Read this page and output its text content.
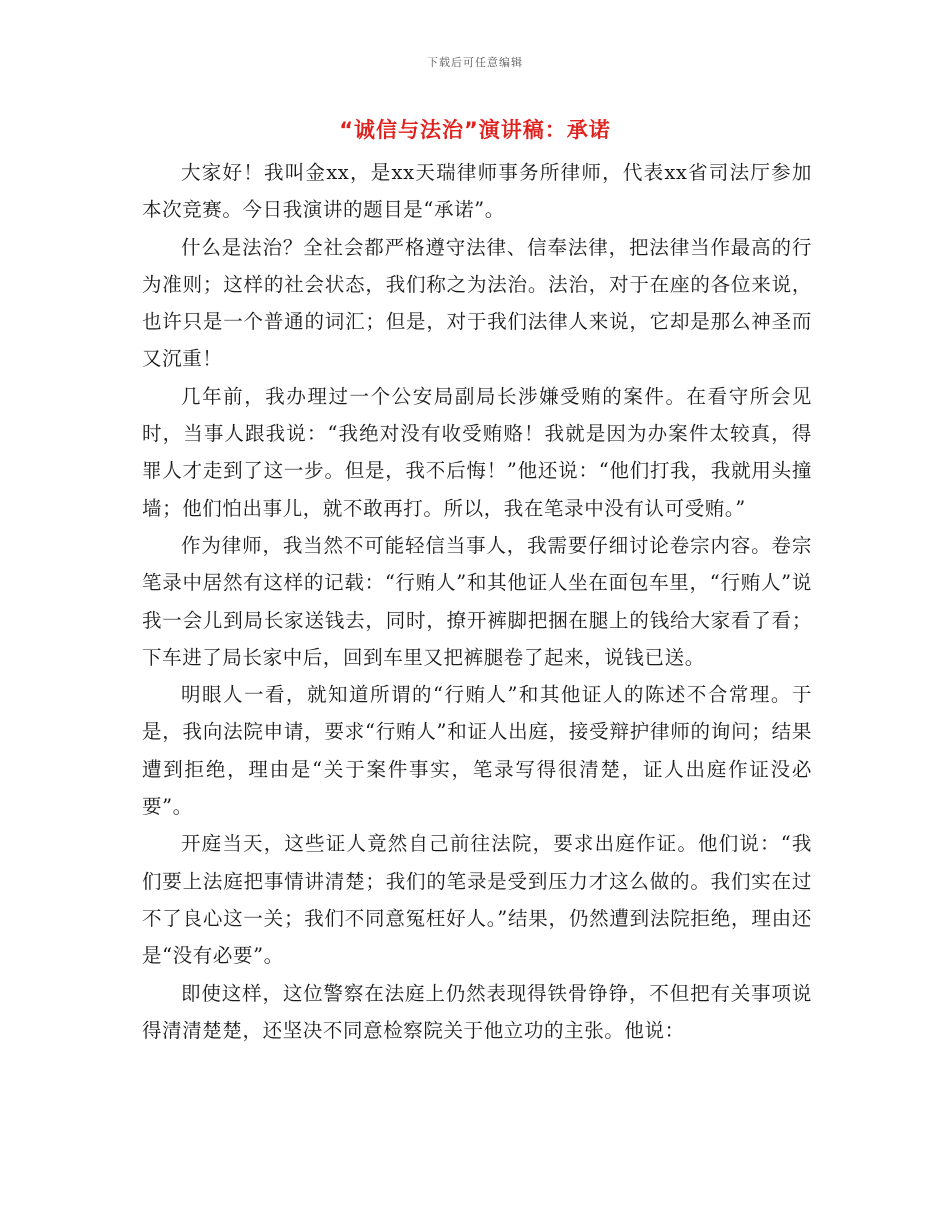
下载后可任意编辑
“诚信与法治”演讲稿：承诺

大家好！我叫金xx，是xx天瑞律师事务所律师，代表xx省司法厅参加本次竞赛。今日我演讲的题目是“承诺”。

什么是法治？全社会都严格遵守法律、信奉法律，把法律当作最高的行为准则；这样的社会状态，我们称之为法治。法治，对于在座的各位来说，也许只是一个普通的词汇；但是，对于我们法律人来说，它却是那么神圣而又沉重！

几年前，我办理过一个公安局副局长涉嫌受贿的案件。在看守所会见时，当事人跟我说：“我绝对没有收受贿赂！我就是因为办案件太较真，得罪人才走到了这一步。但是，我不后悔！”他还说：“他们打我，我就用头撞墙；他们怕出事儿，就不敢再打。所以，我在笔录中没有认可受贿。”

作为律师，我当然不可能轻信当事人，我需要仔细讨论卷宗内容。卷宗笔录中居然有这样的记载：“行贿人”和其他证人坐在面包车里，“行贿人”说我一会儿到局长家送钱去，同时，撩开裤脚把捆在腿上的钱给大家看了看；下车进了局长家中后，回到车里又把裤腿卷了起来，说钱已送。

明眼人一看，就知道所谓的“行贿人”和其他证人的陈述不合常理。于是，我向法院申请，要求“行贿人”和证人出庭，接受辩护律师的询问；结果遭到拒绝，理由是“关于案件事实，笔录写得很清楚，证人出庭作证没必要”。

开庭当天，这些证人竟然自己前往法院，要求出庭作证。他们说：“我们要上法庭把事情讲清楚；我们的笔录是受到压力才这么做的。我们实在过不了良心这一关；我们不同意冤枉好人。”结果，仍然遭到法院拒绝，理由还是“没有必要”。

即使这样，这位警察在法庭上仍然表现得铁骨铮铮，不但把有关事项说得清清楚楚，还坚决不同意检察院关于他立功的主张。他说：
